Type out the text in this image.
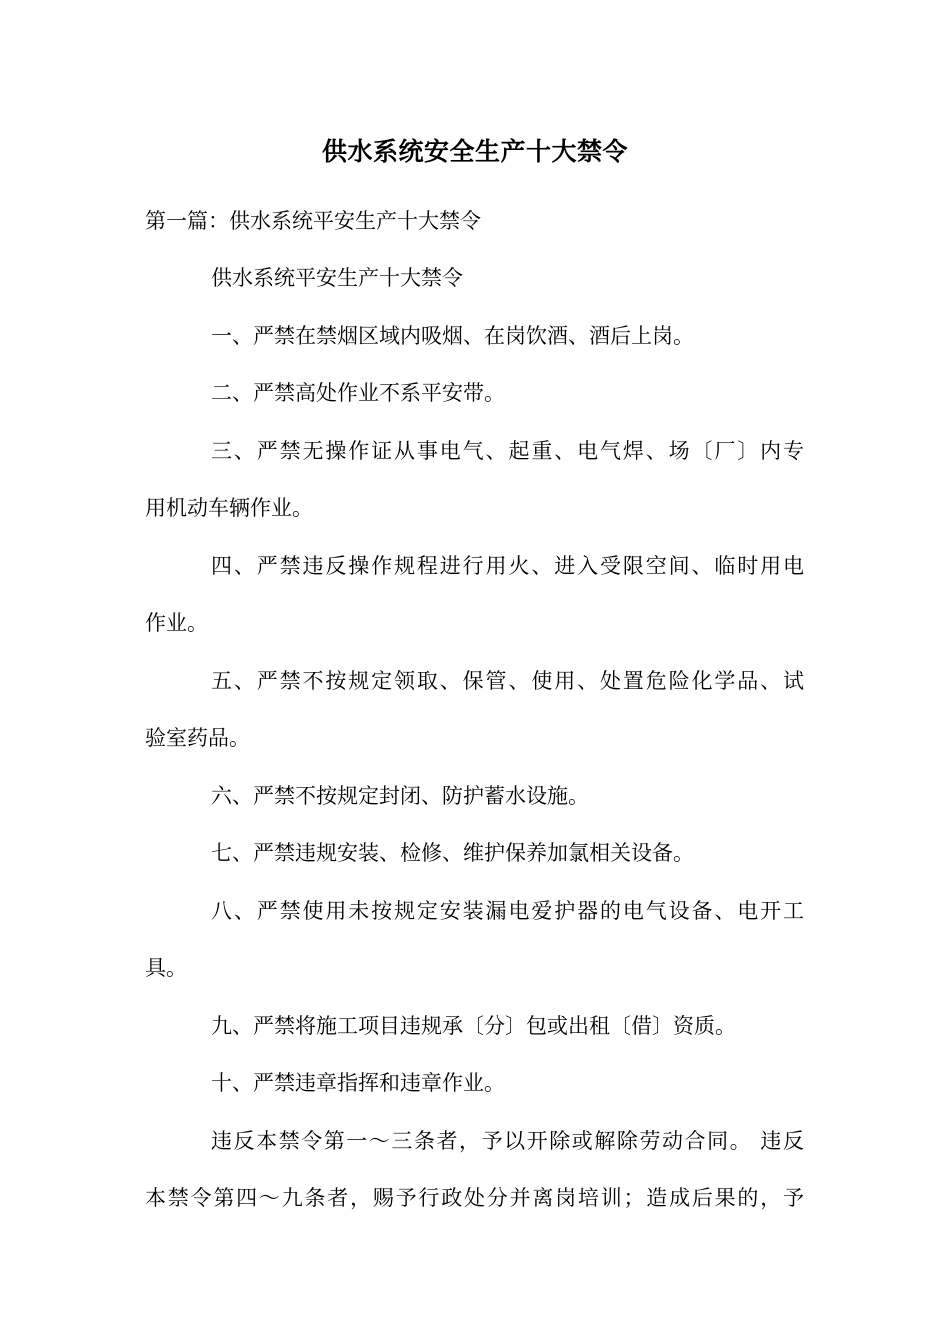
供水系统安全生产十大禁令
第一篇：供水系统平安生产十大禁令
供水系统平安生产十大禁令
一、严禁在禁烟区域内吸烟、在岗饮酒、酒后上岗。
二、严禁高处作业不系平安带。
三、严禁无操作证从事电气、起重、电气焊、场〔厂〕内专
用机动车辆作业。
四、严禁违反操作规程进行用火、进入受限空间、临时用电
作业。
五、严禁不按规定领取、保管、使用、处置危险化学品、试
验室药品。
六、严禁不按规定封闭、防护蓄水设施。
七、严禁违规安装、检修、维护保养加氯相关设备。
八、严禁使用未按规定安装漏电爱护器的电气设备、电开工
具。
九、严禁将施工项目违规承〔分〕包或出租〔借〕资质。
十、严禁违章指挥和违章作业。
违反本禁令第一～三条者，予以开除或解除劳动合同。 违反
本禁令第四～九条者，赐予行政处分并离岗培训；造成后果的，予
